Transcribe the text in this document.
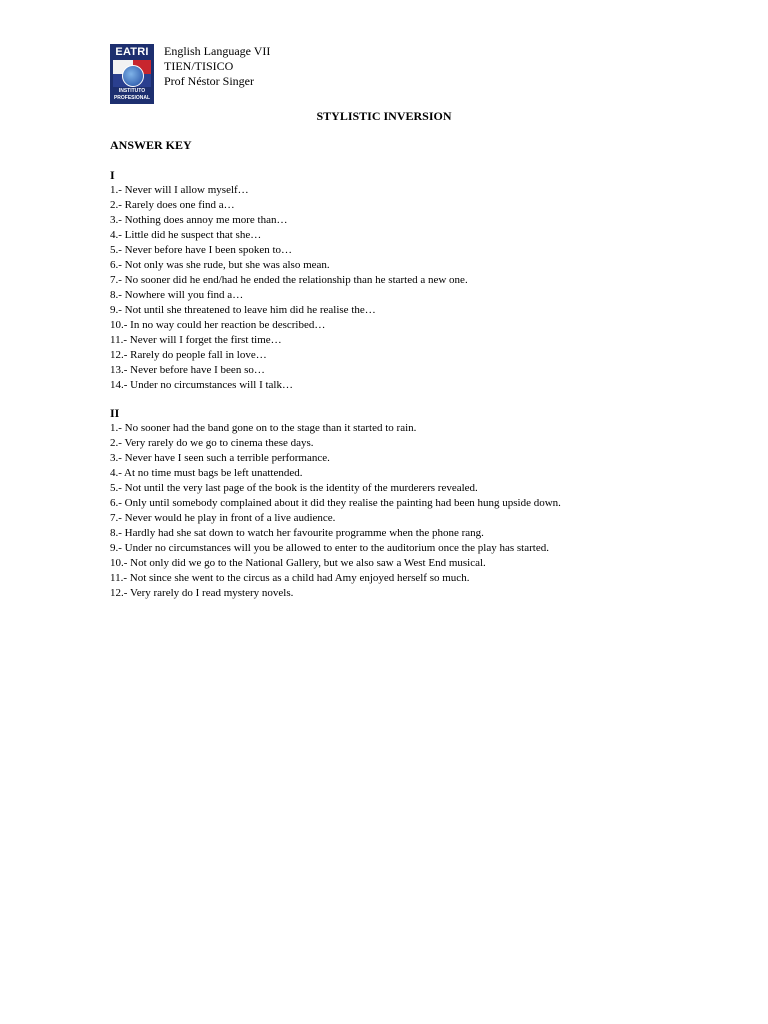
EATRI
INSTITUTO PROFESIONAL
English Language VII
TIEN/TISICO
Prof Néstor Singer
STYLISTIC INVERSION
ANSWER KEY
I
1.- Never will I allow myself…
2.- Rarely does one find a…
3.- Nothing does annoy me more than…
4.- Little did he suspect that she…
5.- Never before have I been spoken to…
6.- Not only was she rude, but she was also mean.
7.- No sooner did he end/had he ended the relationship than he started a new one.
8.- Nowhere will you find a…
9.- Not until she threatened to leave him did he realise the…
10.- In no way could her reaction be described…
11.- Never will I forget the first time…
12.- Rarely do people fall in love…
13.- Never before have I been so…
14.- Under no circumstances will I talk…
II
1.- No sooner had the band gone on to the stage than it started to rain.
2.- Very rarely do we go to cinema these days.
3.- Never have I seen such a terrible performance.
4.- At no time must bags be left unattended.
5.- Not until the very last page of the book is the identity of the murderers revealed.
6.- Only until somebody complained about it did they realise the painting had been hung upside down.
7.- Never would he play in front of a live audience.
8.- Hardly had she sat down to watch her favourite programme when the phone rang.
9.- Under no circumstances will you be allowed to enter to the auditorium once the play has started.
10.- Not only did we go to the National Gallery, but we also saw a West End musical.
11.- Not since she went to the circus as a child had Amy enjoyed herself so much.
12.- Very rarely do I read mystery novels.
